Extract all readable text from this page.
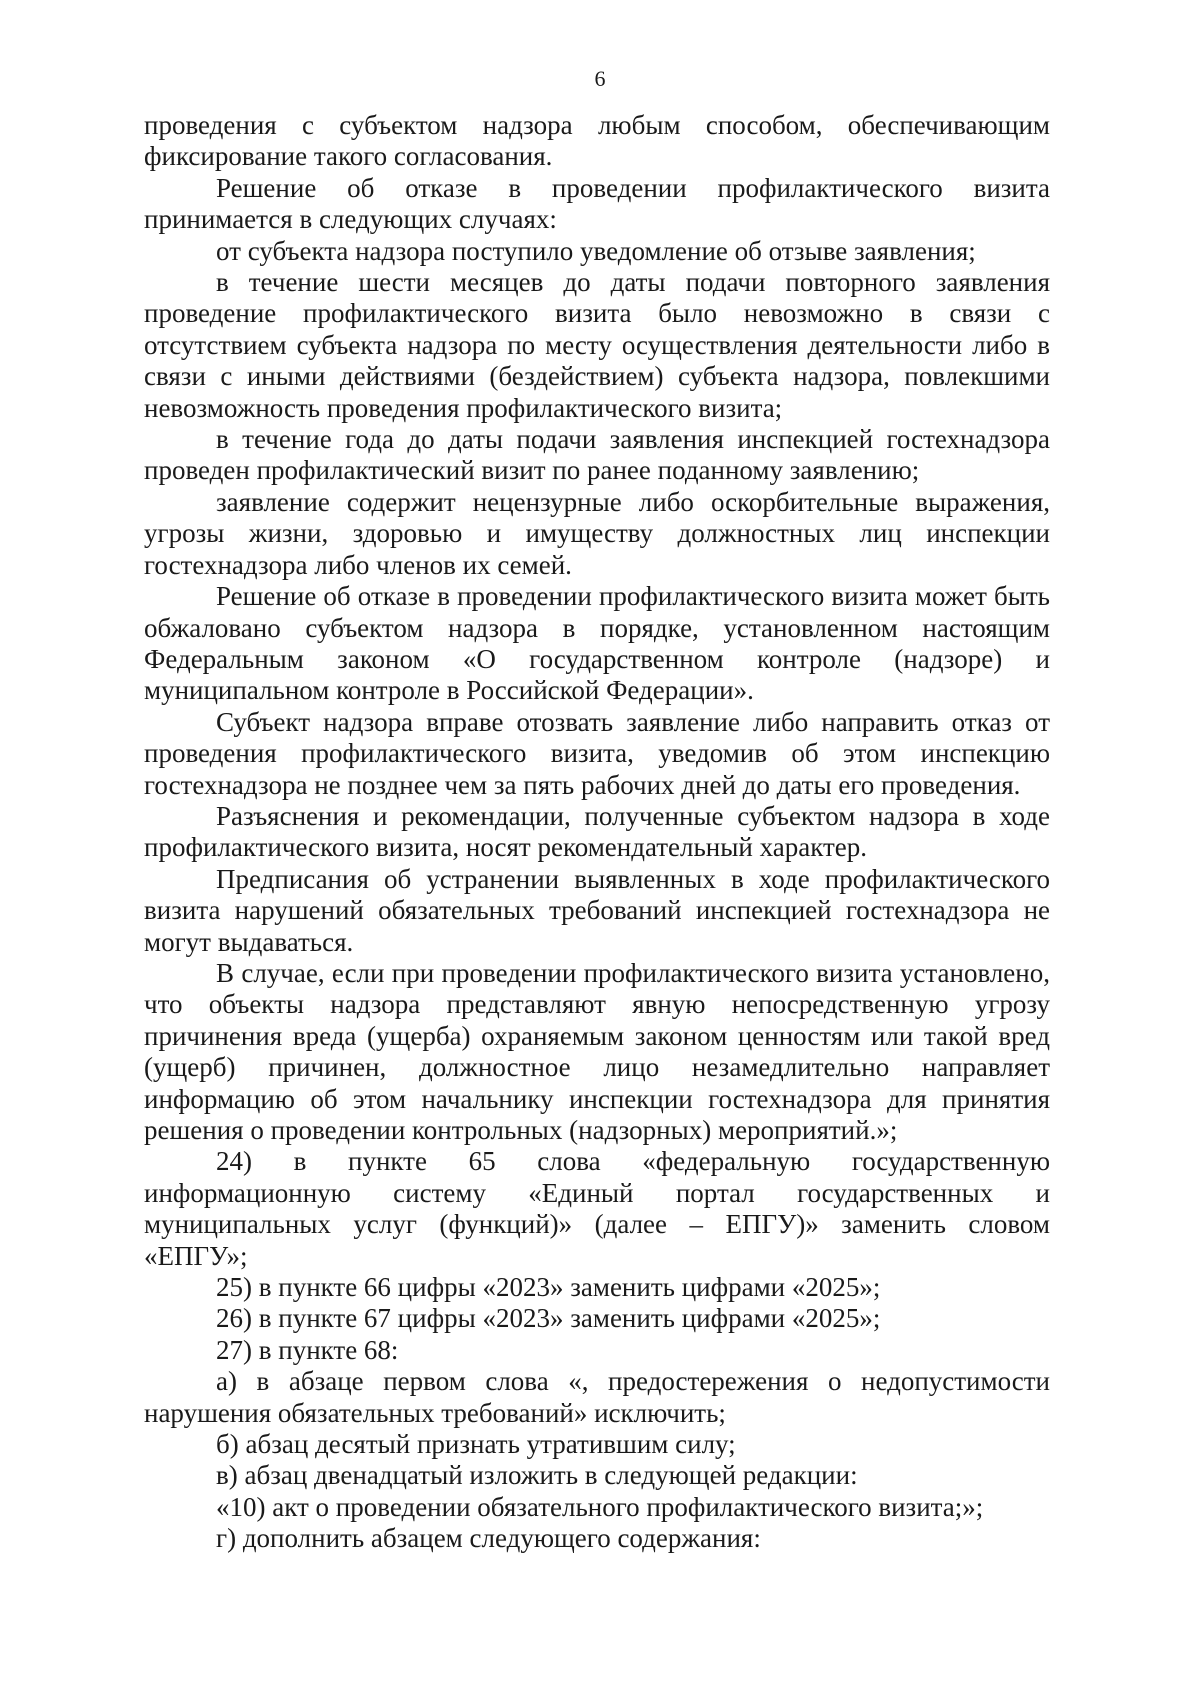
6

проведения с субъектом надзора любым способом, обеспечивающим фиксирование такого согласования.

Решение об отказе в проведении профилактического визита принимается в следующих случаях:

от субъекта надзора поступило уведомление об отзыве заявления;

в течение шести месяцев до даты подачи повторного заявления проведение профилактического визита было невозможно в связи с отсутствием субъекта надзора по месту осуществления деятельности либо в связи с иными действиями (бездействием) субъекта надзора, повлекшими невозможность проведения профилактического визита;

в течение года до даты подачи заявления инспекцией гостехнадзора проведен профилактический визит по ранее поданному заявлению;

заявление содержит нецензурные либо оскорбительные выражения, угрозы жизни, здоровью и имуществу должностных лиц инспекции гостехнадзора либо членов их семей.

Решение об отказе в проведении профилактического визита может быть обжаловано субъектом надзора в порядке, установленном настоящим Федеральным законом «О государственном контроле (надзоре) и муниципальном контроле в Российской Федерации».

Субъект надзора вправе отозвать заявление либо направить отказ от проведения профилактического визита, уведомив об этом инспекцию гостехнадзора не позднее чем за пять рабочих дней до даты его проведения.

Разъяснения и рекомендации, полученные субъектом надзора в ходе профилактического визита, носят рекомендательный характер.

Предписания об устранении выявленных в ходе профилактического визита нарушений обязательных требований инспекцией гостехнадзора не могут выдаваться.

В случае, если при проведении профилактического визита установлено, что объекты надзора представляют явную непосредственную угрозу причинения вреда (ущерба) охраняемым законом ценностям или такой вред (ущерб) причинен, должностное лицо незамедлительно направляет информацию об этом начальнику инспекции гостехнадзора для принятия решения о проведении контрольных (надзорных) мероприятий.»;

24) в пункте 65 слова «федеральную государственную информационную систему «Единый портал государственных и муниципальных услуг (функций)» (далее – ЕПГУ)» заменить словом «ЕПГУ»;

25) в пункте 66 цифры «2023» заменить цифрами «2025»;

26) в пункте 67 цифры «2023» заменить цифрами «2025»;

27) в пункте 68:

а) в абзаце первом слова «, предостережения о недопустимости нарушения обязательных требований» исключить;

б) абзац десятый признать утратившим силу;

в) абзац двенадцатый изложить в следующей редакции:

«10) акт о проведении обязательного профилактического визита;»;

г) дополнить абзацем следующего содержания:
